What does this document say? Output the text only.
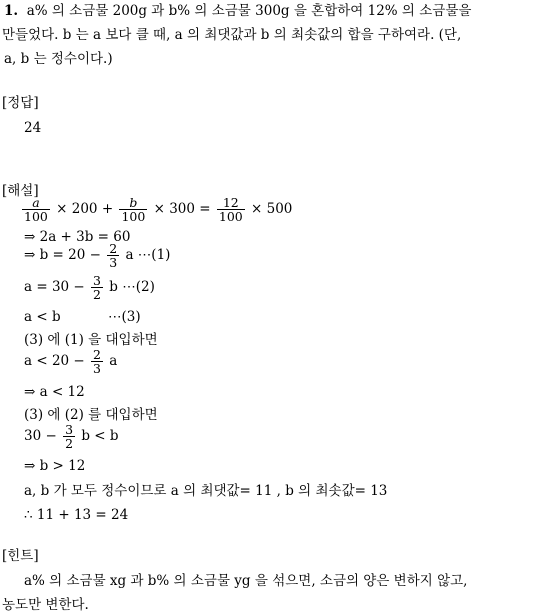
1. a% 의 소금물 200g 과 b% 의 소금물 300g 을 혼합하여 12% 의 소금물을
만들었다. b 는 a 보다 클 때, a 의 최댓값과 b 의 최솟값의 합을 구하여라. (단,
a, b 는 정수이다.)
[정답]
24
[해설]
$\frac{a}{100} \times 200 + \frac{b}{100} \times 300 = \frac{12}{100} \times 500$
⇒ 2a + 3b = 60
⇒ $b = 20 - \frac{2}{3}$ a ⋯(1)
$a = 30 - \frac{3}{2}$ b ⋯(2)
a < b	⋯(3)
(3) 에 (1) 을 대입하면
$a < 20 - \frac{2}{3}$ a
⇒ a < 12
(3) 에 (2) 를 대입하면
$30 - \frac{3}{2}$ b < b
⇒ b > 12
a, b 가 모두 정수이므로 a 의 최댓값= 11 , b 의 최솟값= 13
∴ 11 + 13 = 24
[힌트]
a% 의 소금물 xg 과 b% 의 소금물 yg 을 섞으면, 소금의 양은 변하지 않고,
농도만 변한다.
